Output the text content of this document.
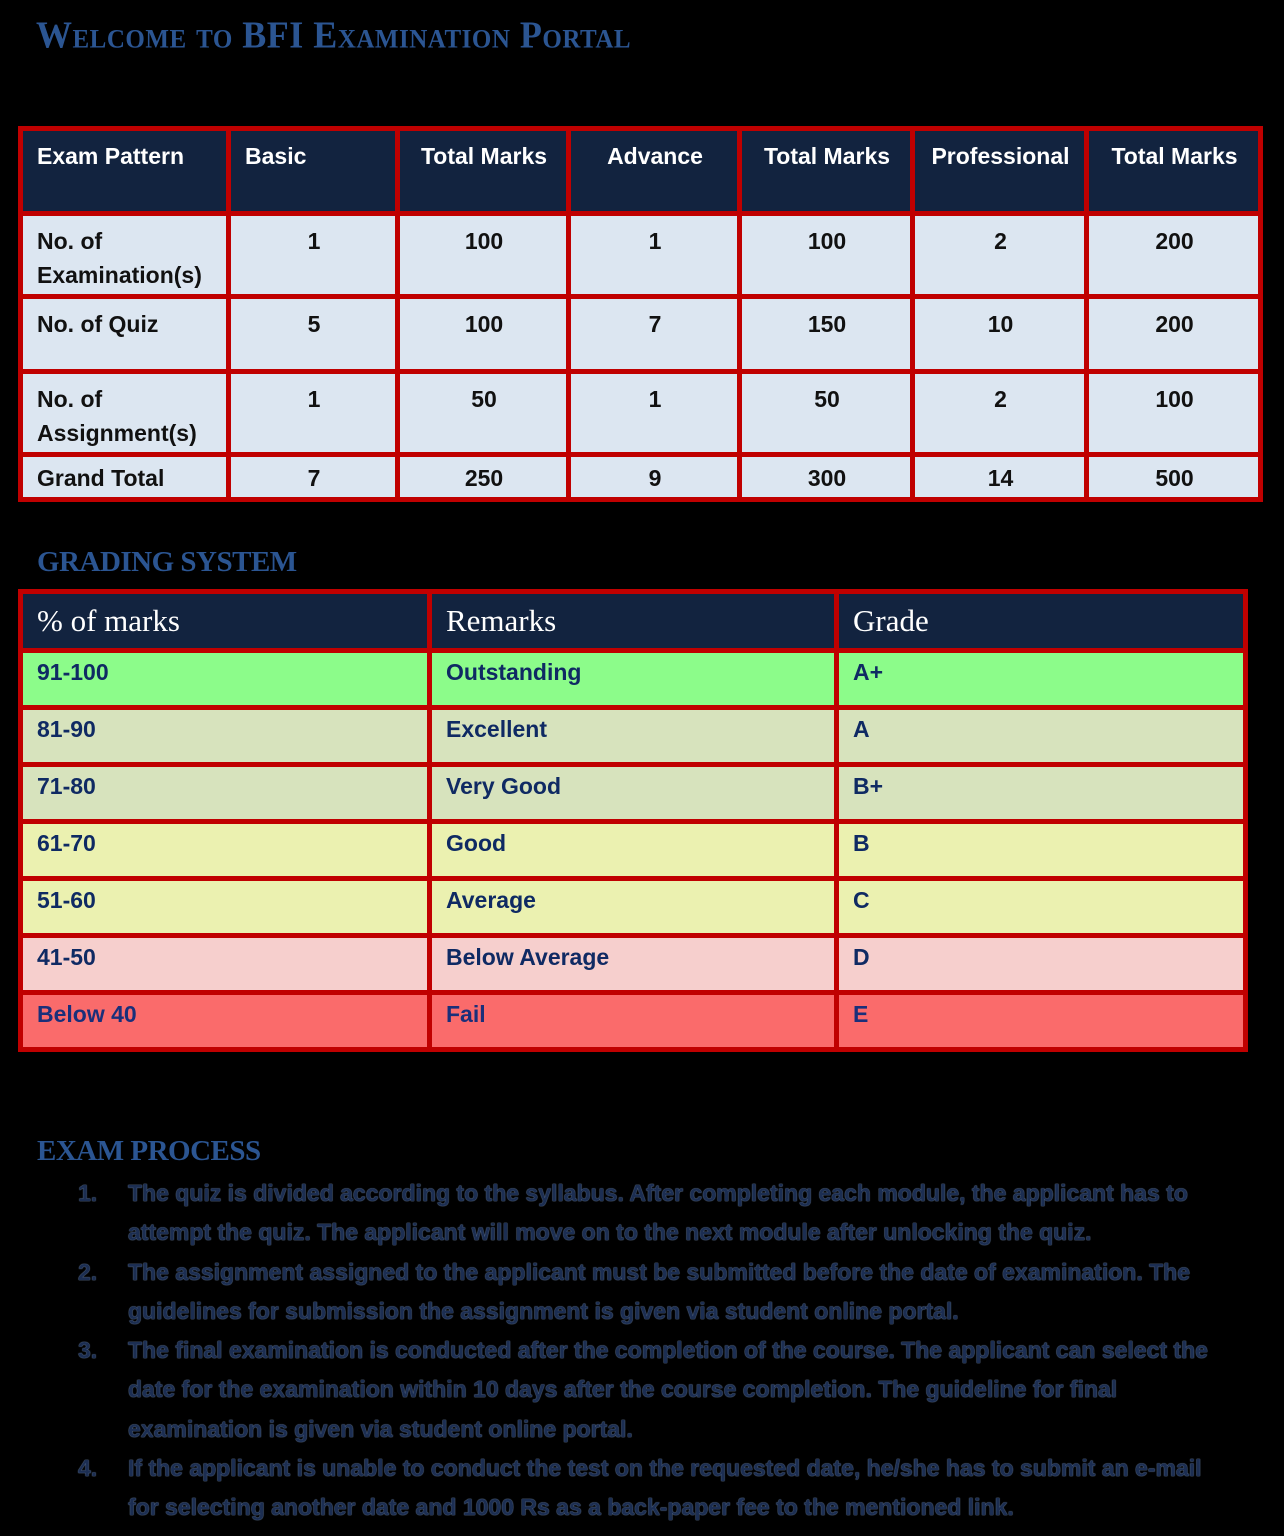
Welcome to BFI Examination Portal
Exam Pattern	Basic	Total Marks	Advance	Total Marks	Professional	Total Marks
No. of Examination(s)	1	100	1	100	2	200
No. of Quiz	5	100	7	150	10	200
No. of Assignment(s)	1	50	1	50	2	100
Grand Total	7	250	9	300	14	500
GRADING SYSTEM
% of marks	Remarks	Grade
91-100	Outstanding	A+
81-90	Excellent	A
71-80	Very Good	B+
61-70	Good	B
51-60	Average	C
41-50	Below Average	D
Below 40	Fail	E
EXAM PROCESS
1. The quiz is divided according to the syllabus. After completing each module, the applicant has to attempt the quiz. The applicant will move on to the next module after unlocking the quiz.
2. The assignment assigned to the applicant must be submitted before the date of examination. The guidelines for submission the assignment is given via student online portal.
3. The final examination is conducted after the completion of the course. The applicant can select the date for the examination within 10 days after the course completion. The guideline for final examination is given via student online portal.
4. If the applicant is unable to conduct the test on the requested date, he/she has to submit an e-mail for selecting another date and 1000 Rs as a back-paper fee to the mentioned link.
